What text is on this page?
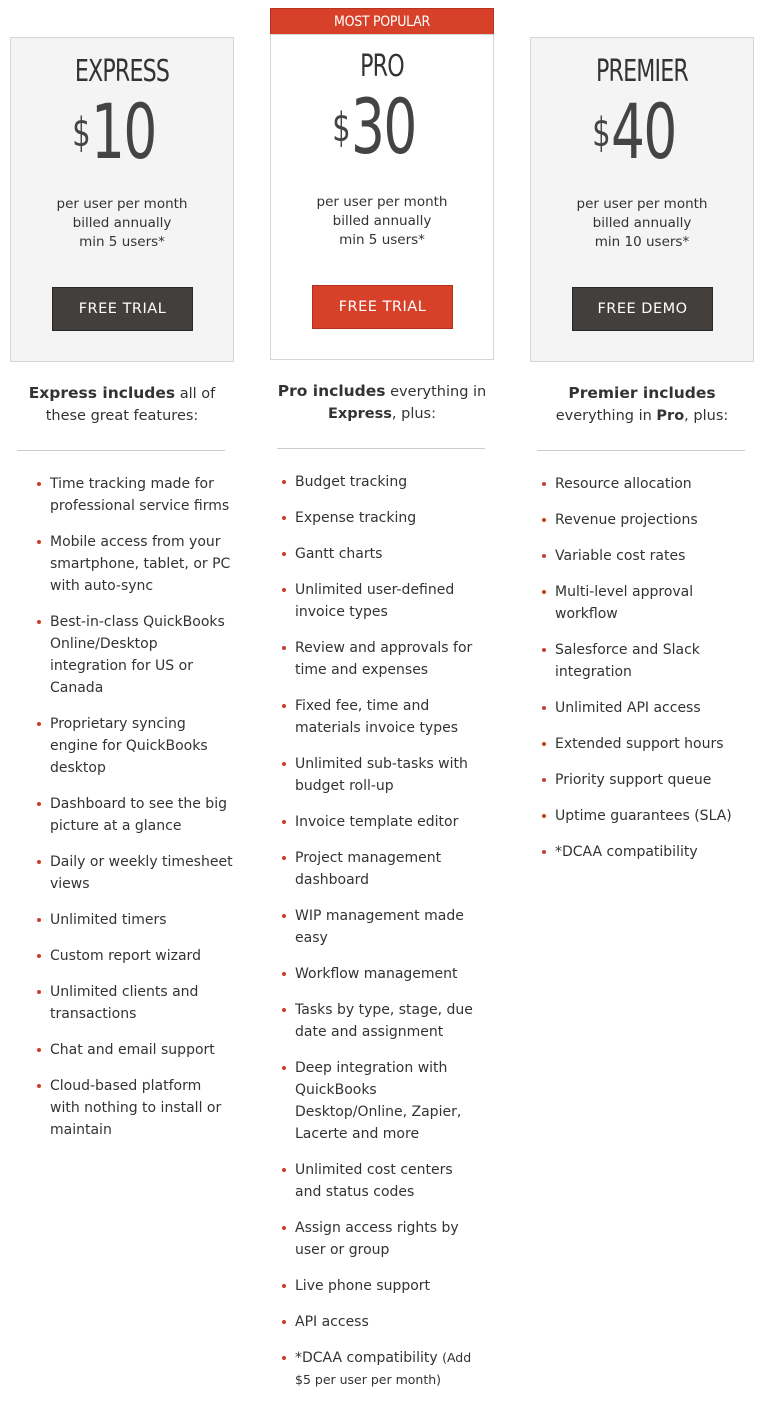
MOST POPULAR
EXPRESS
$ 10
per user per month
billed annually
min 5 users*
FREE TRIAL
PRO
$ 30
per user per month
billed annually
min 5 users*
FREE TRIAL
PREMIER
$ 40
per user per month
billed annually
min 10 users*
FREE DEMO
Express includes all of
these great features:
Pro includes everything in
Express, plus:
Premier includes
everything in Pro, plus:
Time tracking made for professional service firms
Mobile access from your smartphone, tablet, or PC with auto-sync
Best-in-class QuickBooks Online/Desktop integration for US or Canada
Proprietary syncing engine for QuickBooks desktop
Dashboard to see the big picture at a glance
Daily or weekly timesheet views
Unlimited timers
Custom report wizard
Unlimited clients and transactions
Chat and email support
Cloud-based platform with nothing to install or maintain
Budget tracking
Expense tracking
Gantt charts
Unlimited user-defined invoice types
Review and approvals for time and expenses
Fixed fee, time and materials invoice types
Unlimited sub-tasks with budget roll-up
Invoice template editor
Project management dashboard
WIP management made easy
Workflow management
Tasks by type, stage, due date and assignment
Deep integration with QuickBooks Desktop/Online, Zapier, Lacerte and more
Unlimited cost centers and status codes
Assign access rights by user or group
Live phone support
API access
*DCAA compatibility (Add $5 per user per month)
Resource allocation
Revenue projections
Variable cost rates
Multi-level approval workflow
Salesforce and Slack integration
Unlimited API access
Extended support hours
Priority support queue
Uptime guarantees (SLA)
*DCAA compatibility
